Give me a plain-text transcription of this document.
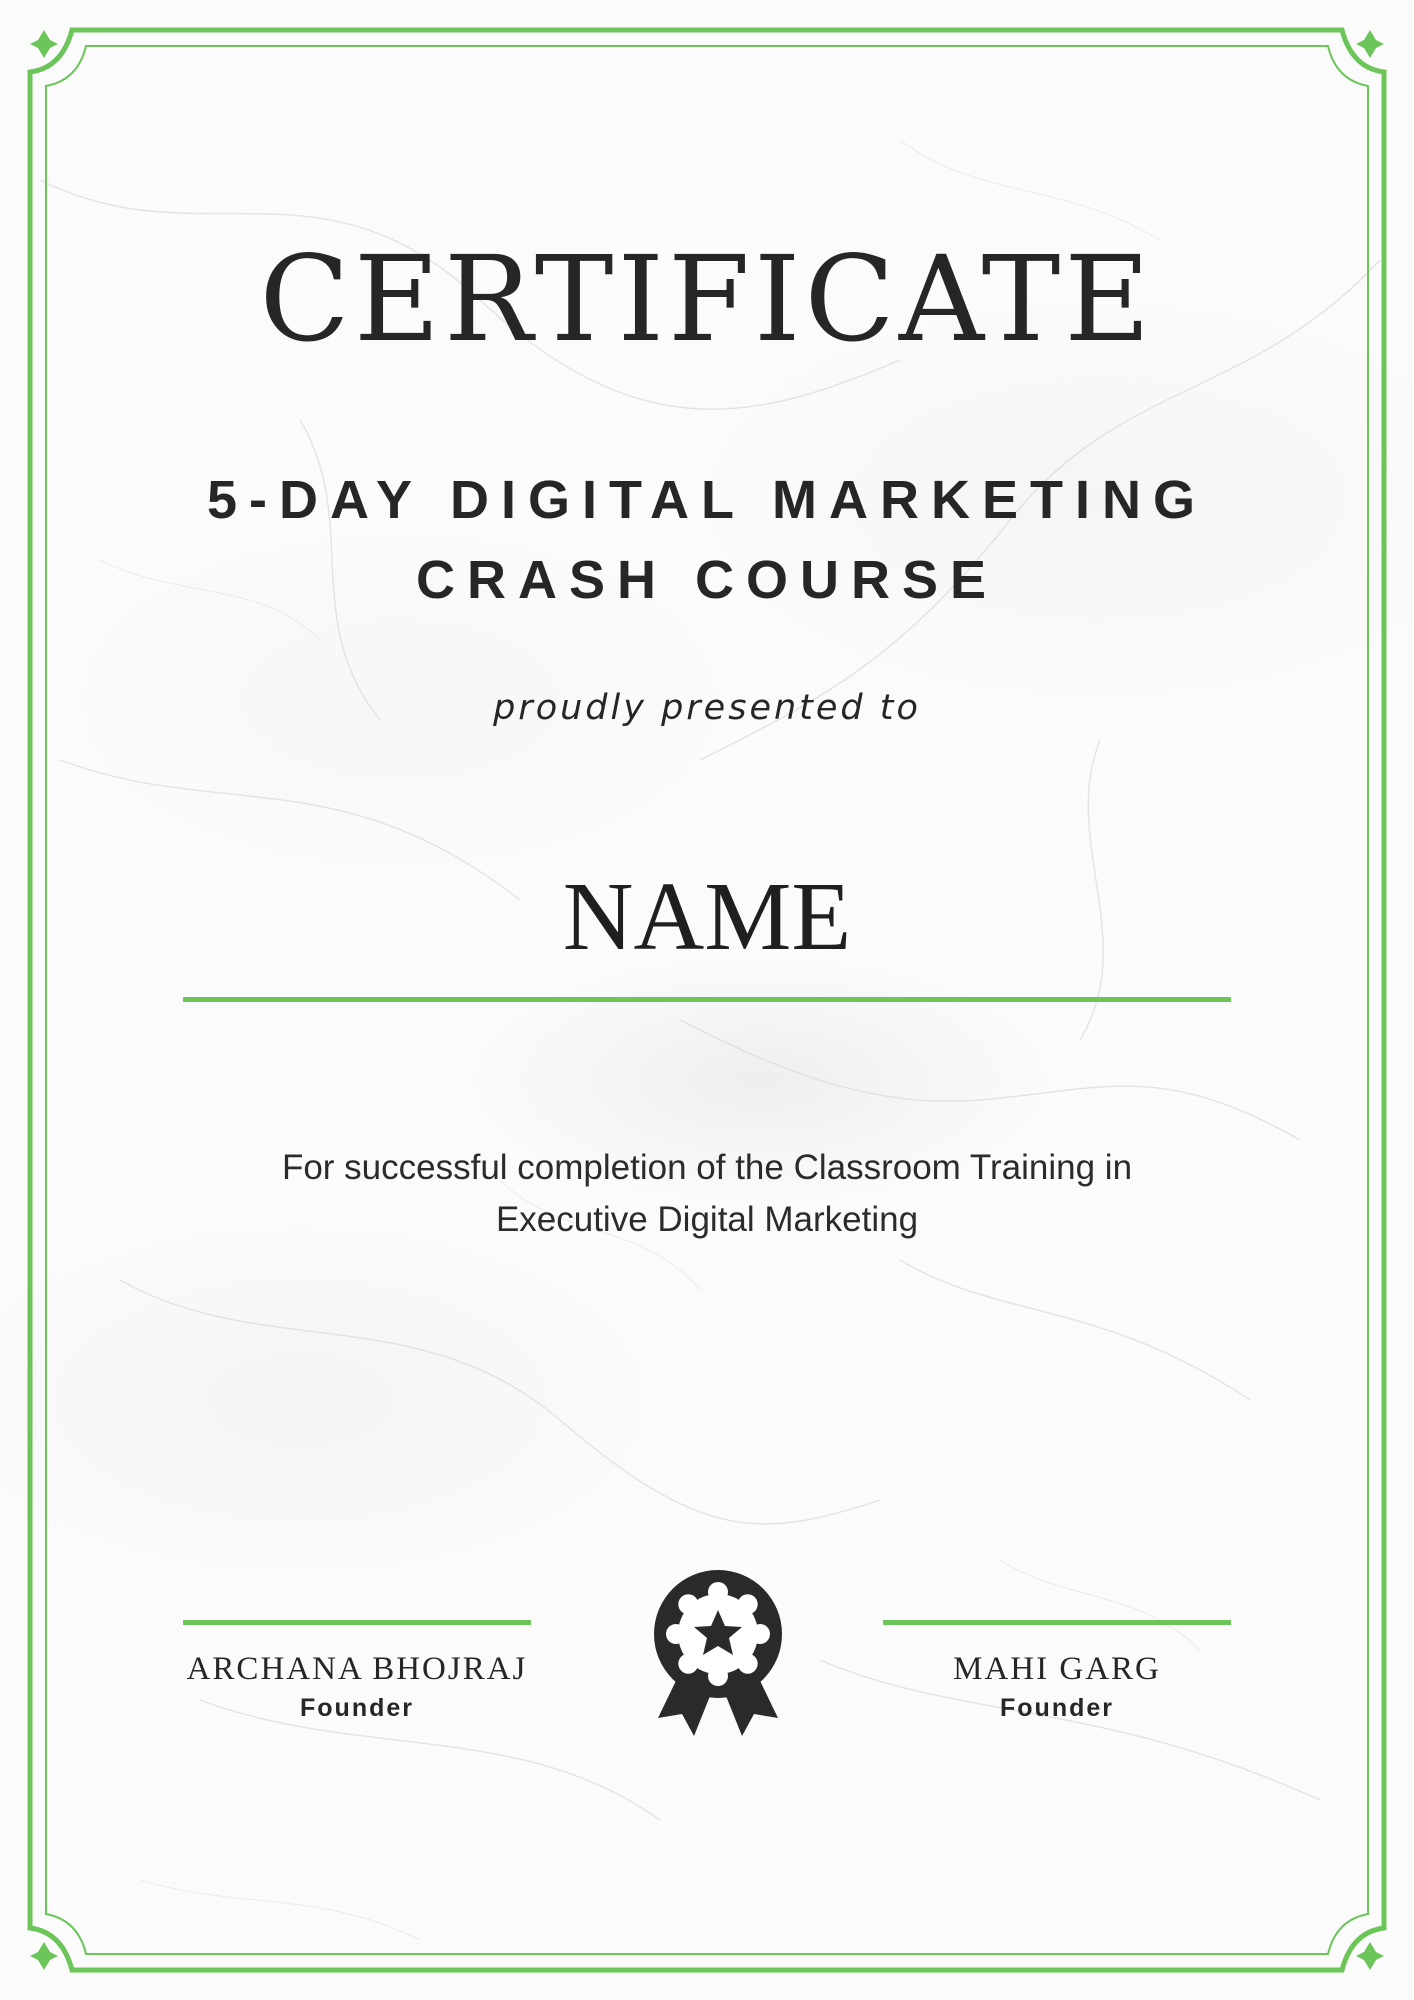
CERTIFICATE
5-DAY DIGITAL MARKETING
CRASH COURSE
proudly presented to
NAME
For successful completion of the Classroom Training in
Executive Digital Marketing
ARCHANA BHOJRAJ
Founder
MAHI GARG
Founder
